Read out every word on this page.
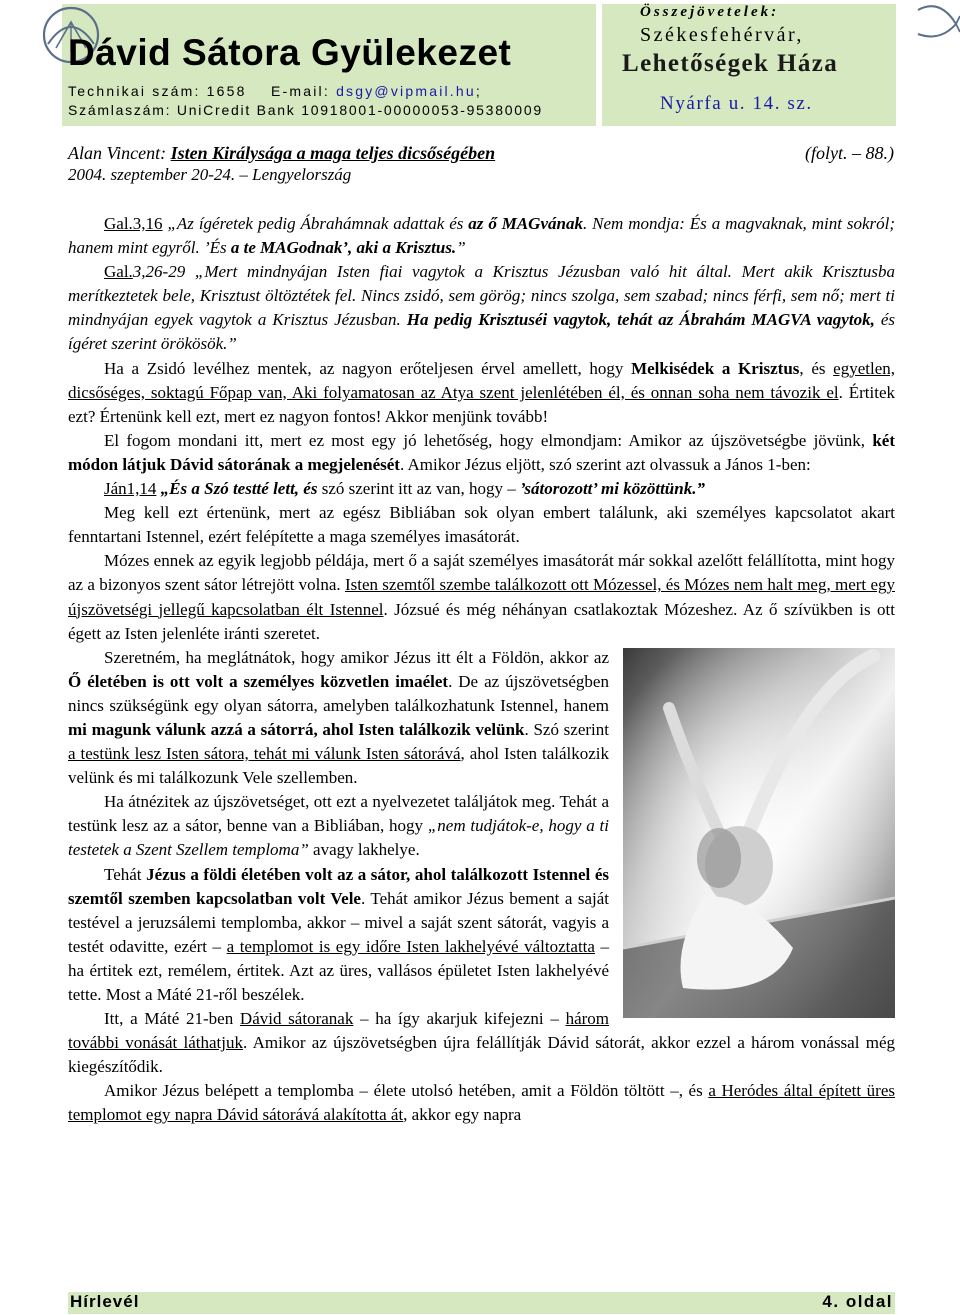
Dávid Sátora Gyülekezet
Technikai szám: 1658 E-mail: dsgy@vipmail.hu;
Számlaszám: UniCredit Bank 10918001-00000053-95380009
Összejövetelek:
Székesfehérvár,
Lehetőségek Háza
Nyárfa u. 14. sz.
Alan Vincent: Isten Királysága a maga teljes dicsőségében	(folyt. – 88.)
2004. szeptember 20-24. – Lengyelország

Gal.3,16 „Az ígéretek pedig Ábrahámnak adattak és az ő MAGvának. Nem mondja: És a magvaknak, mint sokról; hanem mint egyről. ’És a te MAGodnak’, aki a Krisztus.”

Gal.3,26-29 „Mert mindnyájan Isten fiai vagytok a Krisztus Jézusban való hit által. Mert akik Krisztusba merítkeztetek bele, Krisztust öltöztétek fel. Nincs zsidó, sem görög; nincs szolga, sem szabad; nincs férfi, sem nő; mert ti mindnyájan egyek vagytok a Krisztus Jézusban. Ha pedig Krisztuséi vagytok, tehát az Ábrahám MAGVA vagytok, és ígéret szerint örökösök.”

Ha a Zsidó levélhez mentek, az nagyon erőteljesen érvel amellett, hogy Melkisédek a Krisztus, és egyetlen, dicsőséges, soktagú Főpap van, Aki folyamatosan az Atya szent jelenlétében él, és onnan soha nem távozik el. Értitek ezt? Értenünk kell ezt, mert ez nagyon fontos! Akkor menjünk tovább!

El fogom mondani itt, mert ez most egy jó lehetőség, hogy elmondjam: Amikor az újszövetségbe jövünk, két módon látjuk Dávid sátorának a megjelenését. Amikor Jézus eljött, szó szerint azt olvassuk a János 1-ben:

Ján1,14 „És a Szó testté lett, és szó szerint itt az van, hogy – ’sátorozott’ mi közöttünk.”

Meg kell ezt értenünk, mert az egész Bibliában sok olyan embert találunk, aki személyes kapcsolatot akart fenntartani Istennel, ezért felépítette a maga személyes imasátorát.

Mózes ennek az egyik legjobb példája, mert ő a saját személyes imasátorát már sokkal azelőtt felállította, mint hogy az a bizonyos szent sátor létrejött volna. Isten szemtől szembe találkozott ott Mózessel, és Mózes nem halt meg, mert egy újszövetségi jellegű kapcsolatban élt Istennel. Józsué és még néhányan csatlakoztak Mózeshez. Az ő szívükben is ott égett az Isten jelenléte iránti szeretet.

Szeretném, ha meglátnátok, hogy amikor Jézus itt élt a Földön, akkor az Ő életében is ott volt a személyes közvetlen imaélet. De az újszövetségben nincs szükségünk egy olyan sátorra, amelyben találkozhatunk Istennel, hanem mi magunk válunk azzá a sátorrá, ahol Isten találkozik velünk. Szó szerint a testünk lesz Isten sátora, tehát mi válunk Isten sátorává, ahol Isten találkozik velünk és mi találkozunk Vele szellemben.

Ha átnézitek az újszövetséget, ott ezt a nyelvezetet találjátok meg. Tehát a testünk lesz az a sátor, benne van a Bibliában, hogy „nem tudjátok-e, hogy a ti testetek a Szent Szellem temploma” avagy lakhelye.

Tehát Jézus a földi életében volt az a sátor, ahol találkozott Istennel és szemtől szemben kapcsolatban volt Vele. Tehát amikor Jézus bement a saját testével a jeruzsálemi templomba, akkor – mivel a saját szent sátorát, vagyis a testét odavitte, ezért – a templomot is egy időre Isten lakhelyévé változtatta – ha értitek ezt, remélem, értitek. Azt az üres, vallásos épületet Isten lakhelyévé tette. Most a Máté 21-ről beszélek.

Itt, a Máté 21-ben Dávid sátoranak – ha így akarjuk kifejezni – három további vonását láthatjuk. Amikor az újszövetségben újra felállítják Dávid sátorát, akkor ezzel a három vonással még kiegészítődik.

Amikor Jézus belépett a templomba – élete utolsó hetében, amit a Földön töltött –, és a Heródes által épített üres templomot egy napra Dávid sátorává alakította át, akkor egy napra

Hírlevél	4. oldal
